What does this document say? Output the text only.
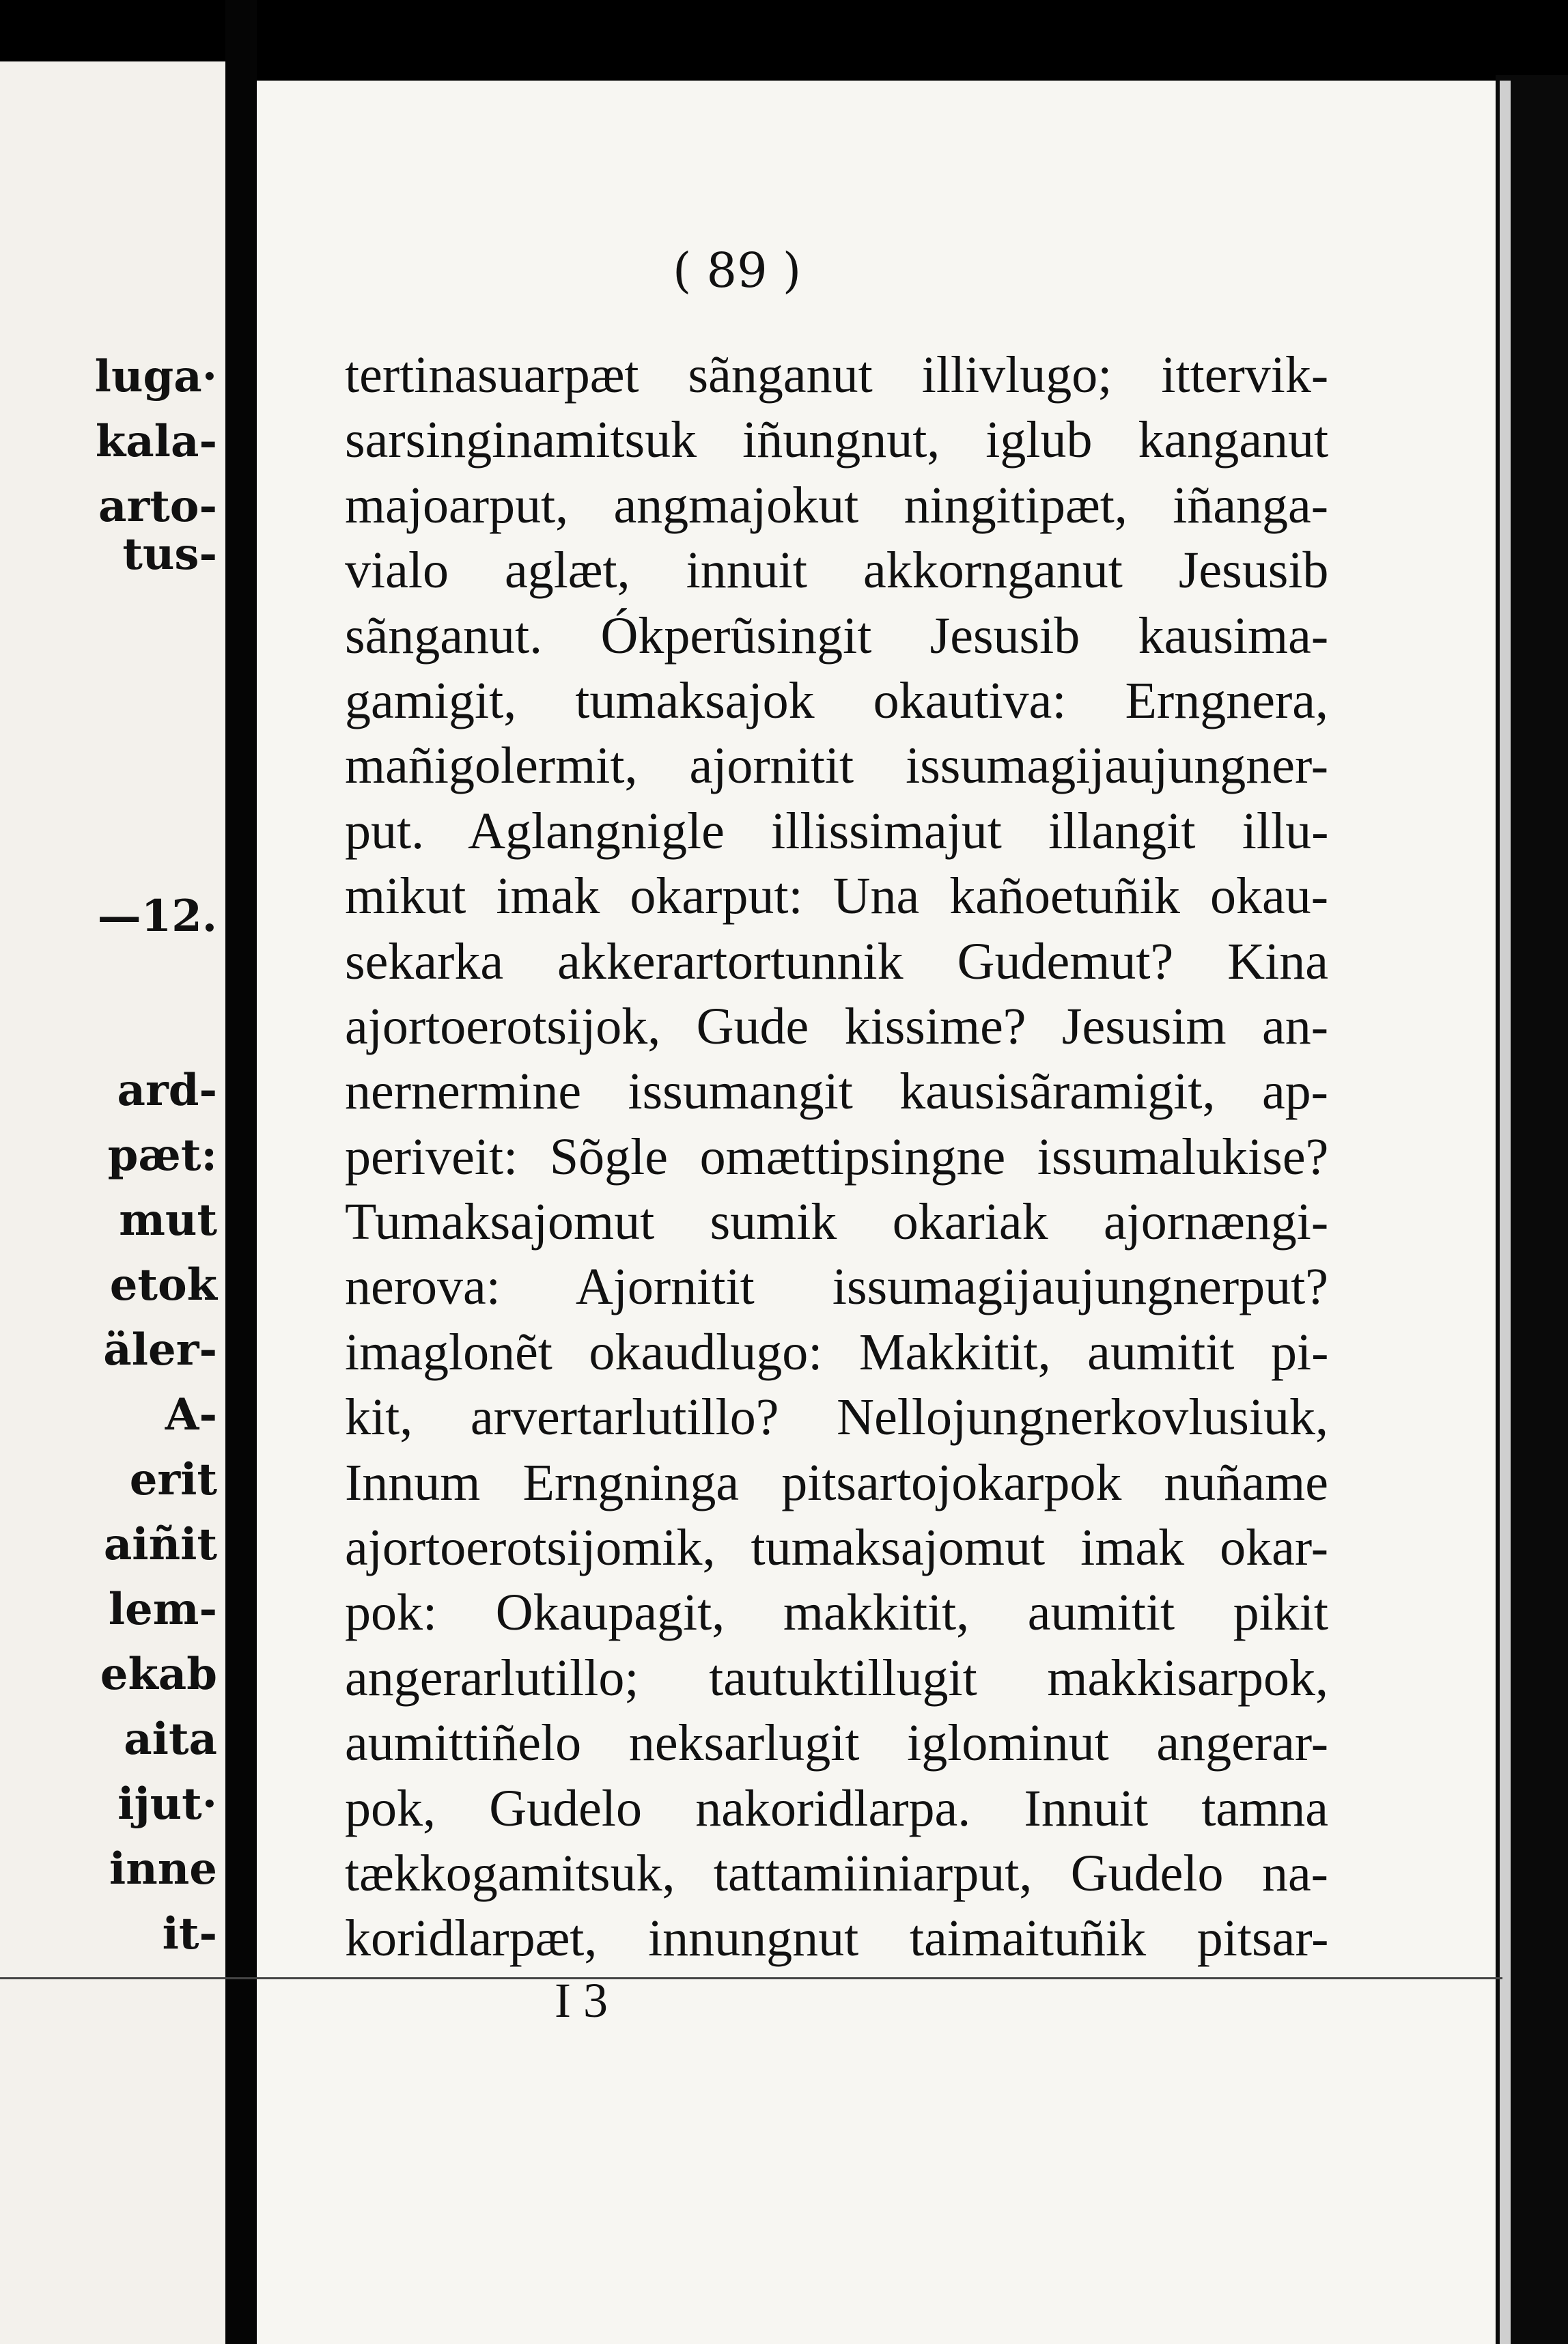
luga·
kala-
arto-
tus-
—12.
ard-
pæt:
mut
etok
äler-
A-
erit
aiñit
lem-
ekab
aita
ijut·
inne
it-
( 89 )
tertinasuarpæt sãnganut illivlugo; ittervik-
sarsinginamitsuk iñungnut, iglub kanganut
majoarput, angmajokut ningitipæt, iñanga-
vialo aglæt, innuit akkornganut Jesusib
sãnganut. Ókperũsingit Jesusib kausima-
gamigit, tumaksajok okautiva: Erngnera,
mañigolermit, ajornitit issumagijaujungner-
put. Aglangnigle illissimajut illangit illu-
mikut imak okarput: Una kañoetuñik okau-
sekarka akkerartortunnik Gudemut? Kina
ajortoerotsijok, Gude kissime? Jesusim an-
nernermine issumangit kausisãramigit, ap-
periveit: Sõgle omættipsingne issumalukise?
Tumaksajomut sumik okariak ajornængi-
nerova: Ajornitit issumagijaujungnerput?
imaglonẽt okaudlugo: Makkitit, aumitit pi-
kit, arvertarlutillo? Nellojungnerkovlusiuk,
Innum Erngninga pitsartojokarpok nuñame
ajortoerotsijomik, tumaksajomut imak okar-
pok: Okaupagit, makkitit, aumitit pikit
angerarlutillo; tautuktillugit makkisarpok,
aumittiñelo neksarlugit iglominut angerar-
pok, Gudelo nakoridlarpa. Innuit tamna
tækkogamitsuk, tattamiiniarput, Gudelo na-
koridlarpæt, innungnut taimaituñik pitsar-
I 3
